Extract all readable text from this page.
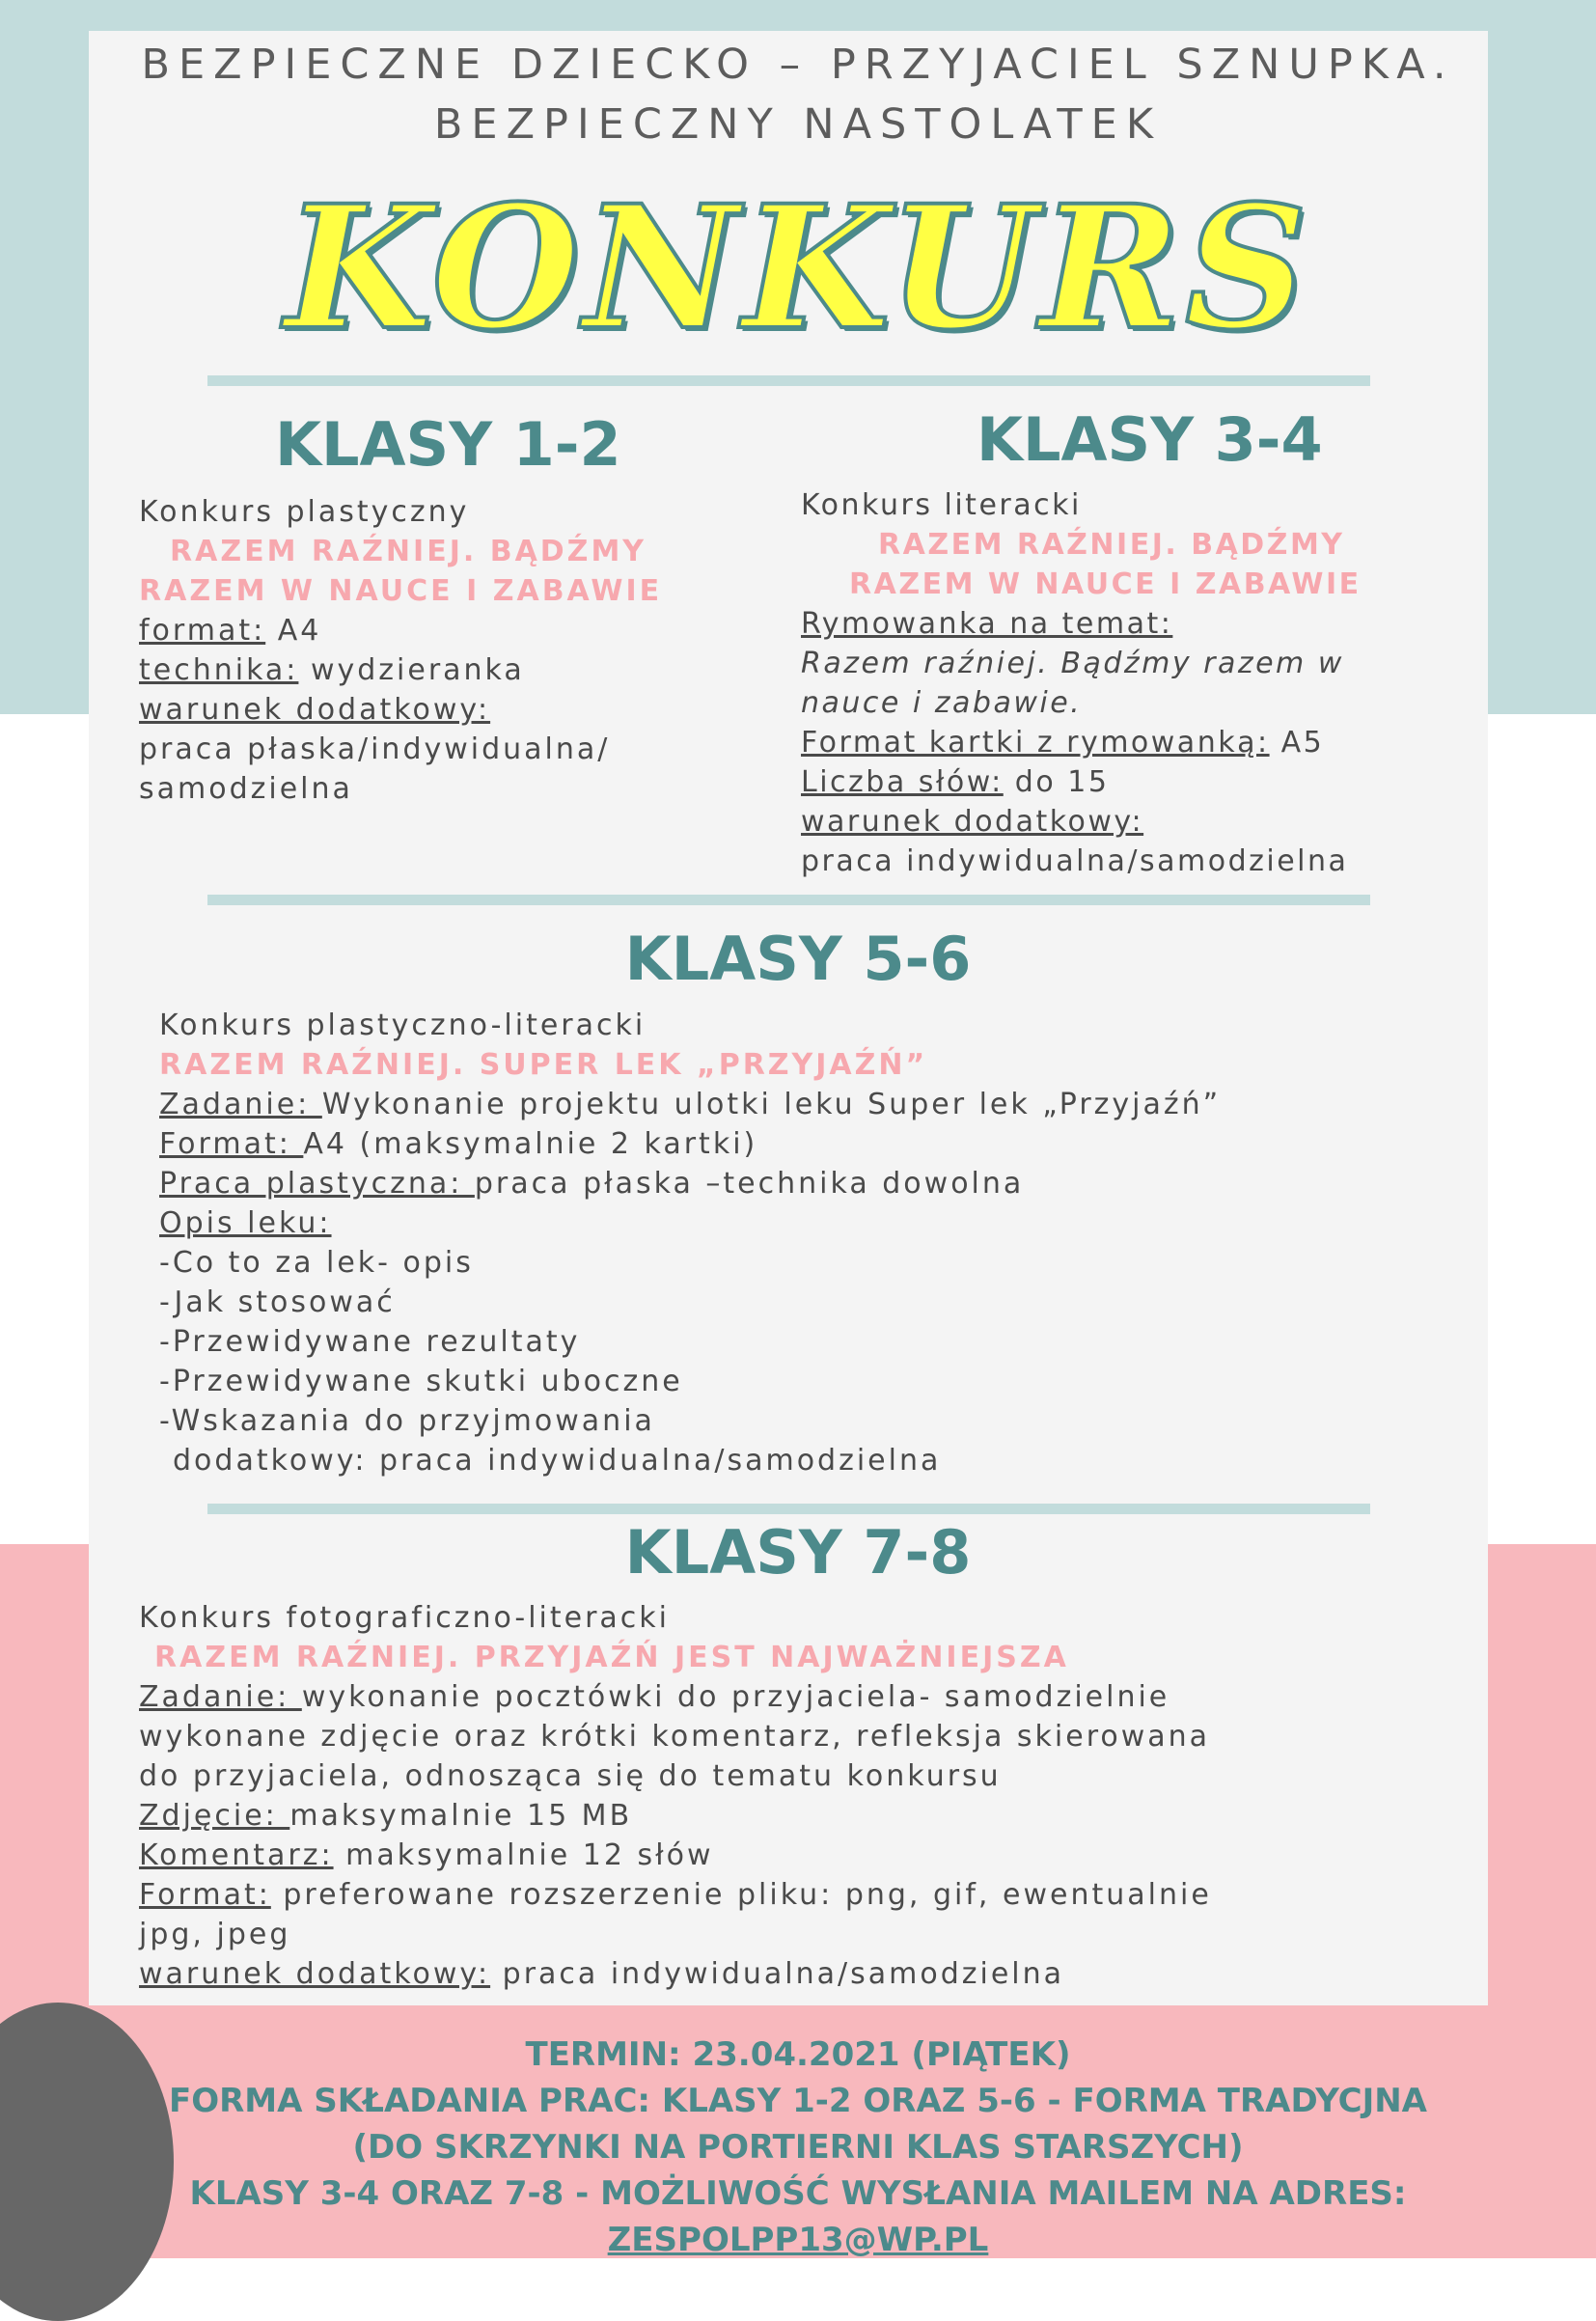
BEZPIECZNE DZIECKO – PRZYJACIEL SZNUPKA.
BEZPIECZNY NASTOLATEK
KONKURS
KLASY 1-2
Konkurs plastyczny
RAZEM RAŹNIEJ. BĄDŹMY
RAZEM W NAUCE I ZABAWIE
format: A4
technika: wydzieranka
warunek dodatkowy:
praca płaska/indywidualna/
samodzielna
KLASY 3-4
Konkurs literacki
RAZEM RAŹNIEJ. BĄDŹMY
RAZEM W NAUCE I ZABAWIE
Rymowanka na temat:
Razem raźniej. Bądźmy razem w
nauce i zabawie.
Format kartki z rymowanką: A5
Liczba słów: do 15
warunek dodatkowy:
praca indywidualna/samodzielna
KLASY 5-6
Konkurs plastyczno-literacki
RAZEM RAŹNIEJ. SUPER LEK „PRZYJAŹŃ”
Zadanie: Wykonanie projektu ulotki leku Super lek „Przyjaźń”
Format: A4 (maksymalnie 2 kartki)
Praca plastyczna: praca płaska –technika dowolna
Opis leku:
-Co to za lek- opis
-Jak stosować
-Przewidywane rezultaty
-Przewidywane skutki uboczne
-Wskazania do przyjmowania
dodatkowy: praca indywidualna/samodzielna
KLASY 7-8
Konkurs fotograficzno-literacki
RAZEM RAŹNIEJ. PRZYJAŹŃ JEST NAJWAŻNIEJSZA
Zadanie: wykonanie pocztówki do przyjaciela- samodzielnie
wykonane zdjęcie oraz krótki komentarz, refleksja skierowana
do przyjaciela, odnosząca się do tematu konkursu
Zdjęcie: maksymalnie 15 MB
Komentarz: maksymalnie 12 słów
Format: preferowane rozszerzenie pliku: png, gif, ewentualnie
jpg, jpeg
warunek dodatkowy: praca indywidualna/samodzielna
TERMIN: 23.04.2021 (PIĄTEK)
FORMA SKŁADANIA PRAC: KLASY 1-2 ORAZ 5-6 - FORMA TRADYCJNA
(DO SKRZYNKI NA PORTIERNI KLAS STARSZYCH)
KLASY 3-4 ORAZ 7-8 - MOŻLIWOŚĆ WYSŁANIA MAILEM NA ADRES:
ZESPOLPP13@WP.PL
